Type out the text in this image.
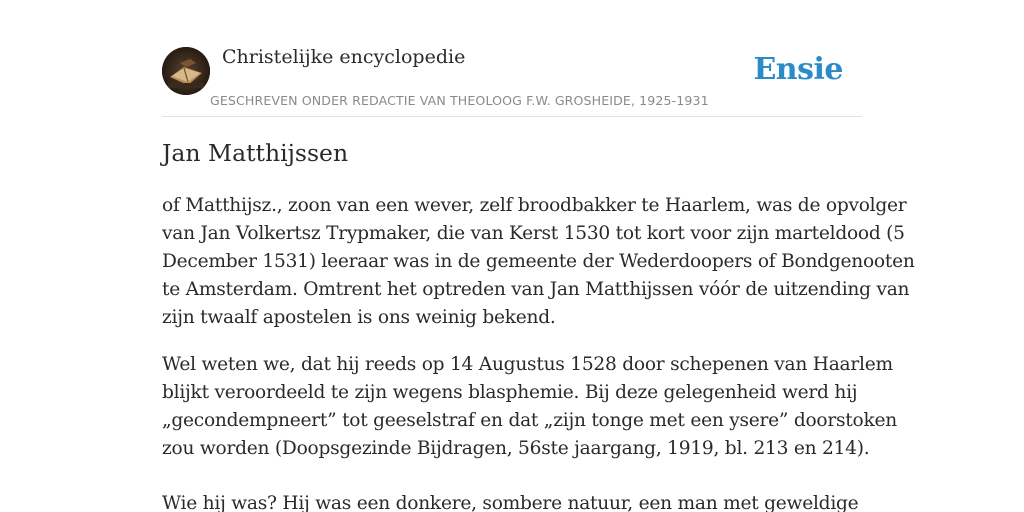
Christelijke encyclopedie
GESCHREVEN ONDER REDACTIE VAN THEOLOOG F.W. GROSHEIDE, 1925-1931
Ensie
Jan Matthijssen

of Matthijsz., zoon van een wever, zelf broodbakker te Haarlem, was de opvolger
van Jan Volkertsz Trypmaker, die van Kerst 1530 tot kort voor zijn marteldood (5
December 1531) leeraar was in de gemeente der Wederdoopers of Bondgenooten
te Amsterdam. Omtrent het optreden van Jan Matthijssen vóór de uitzending van
zijn twaalf apostelen is ons weinig bekend.

Wel weten we, dat hij reeds op 14 Augustus 1528 door schepenen van Haarlem
blijkt veroordeeld te zijn wegens blasphemie. Bij deze gelegenheid werd hij
„gecondempneert” tot geeselstraf en dat „zijn tonge met een ysere” doorstoken
zou worden (Doopsgezinde Bijdragen, 56ste jaargang, 1919, bl. 213 en 214).

Wie hij was? Hij was een donkere, sombere natuur, een man met geweldige
